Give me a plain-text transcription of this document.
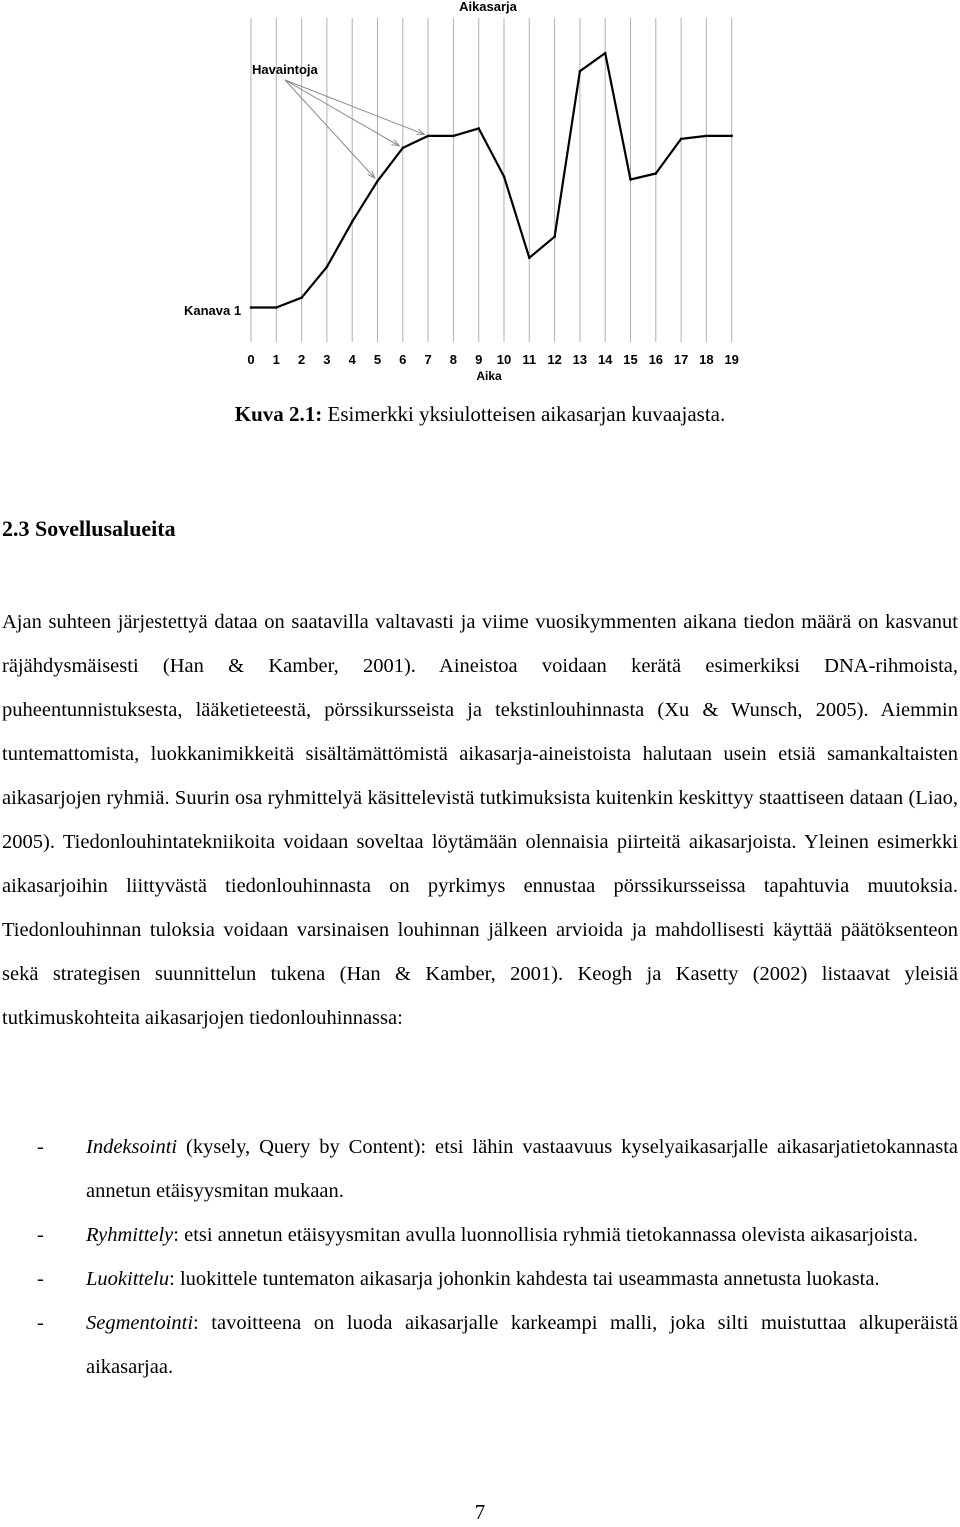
Aikasarja
Havaintoja
Kanava 1
0 1 2 3 4 5 6 7 8 9 10 11 12 13 14 15 16 17 18 19
Aika
Kuva 2.1: Esimerkki yksiulotteisen aikasarjan kuvaajasta.
2.3 Sovellusalueita

Ajan suhteen järjestettyä dataa on saatavilla valtavasti ja viime vuosikymmenten aikana tiedon määrä on kasvanut räjähdysmäisesti (Han & Kamber, 2001). Aineistoa voidaan kerätä esimerkiksi DNA-rihmoista, puheentunnistuksesta, lääketieteestä, pörssikursseista ja tekstinlouhinnasta (Xu & Wunsch, 2005). Aiemmin tuntemattomista, luokkanimikkeitä sisältämättömistä aikasarja-aineistoista halutaan usein etsiä samankaltaisten aikasarjojen ryhmiä. Suurin osa ryhmittelyä käsittelevistä tutkimuksista kuitenkin keskittyy staattiseen dataan (Liao, 2005). Tiedonlouhintatekniikoita voidaan soveltaa löytämään olennaisia piirteitä aikasarjoista. Yleinen esimerkki aikasarjoihin liittyvästä tiedonlouhinnasta on pyrkimys ennustaa pörssikursseissa tapahtuvia muutoksia. Tiedonlouhinnan tuloksia voidaan varsinaisen louhinnan jälkeen arvioida ja mahdollisesti käyttää päätöksenteon sekä strategisen suunnittelun tukena (Han & Kamber, 2001). Keogh ja Kasetty (2002) listaavat yleisiä tutkimuskohteita aikasarjojen tiedonlouhinnassa:

- Indeksointi (kysely, Query by Content): etsi lähin vastaavuus kyselyaikasarjalle aikasarjatietokannasta annetun etäisyysmitan mukaan.
- Ryhmittely: etsi annetun etäisyysmitan avulla luonnollisia ryhmiä tietokannassa olevista aikasarjoista.
- Luokittelu: luokittele tuntematon aikasarja johonkin kahdesta tai useammasta annetusta luokasta.
- Segmentointi: tavoitteena on luoda aikasarjalle karkeampi malli, joka silti muistuttaa alkuperäistä aikasarjaa.
7
